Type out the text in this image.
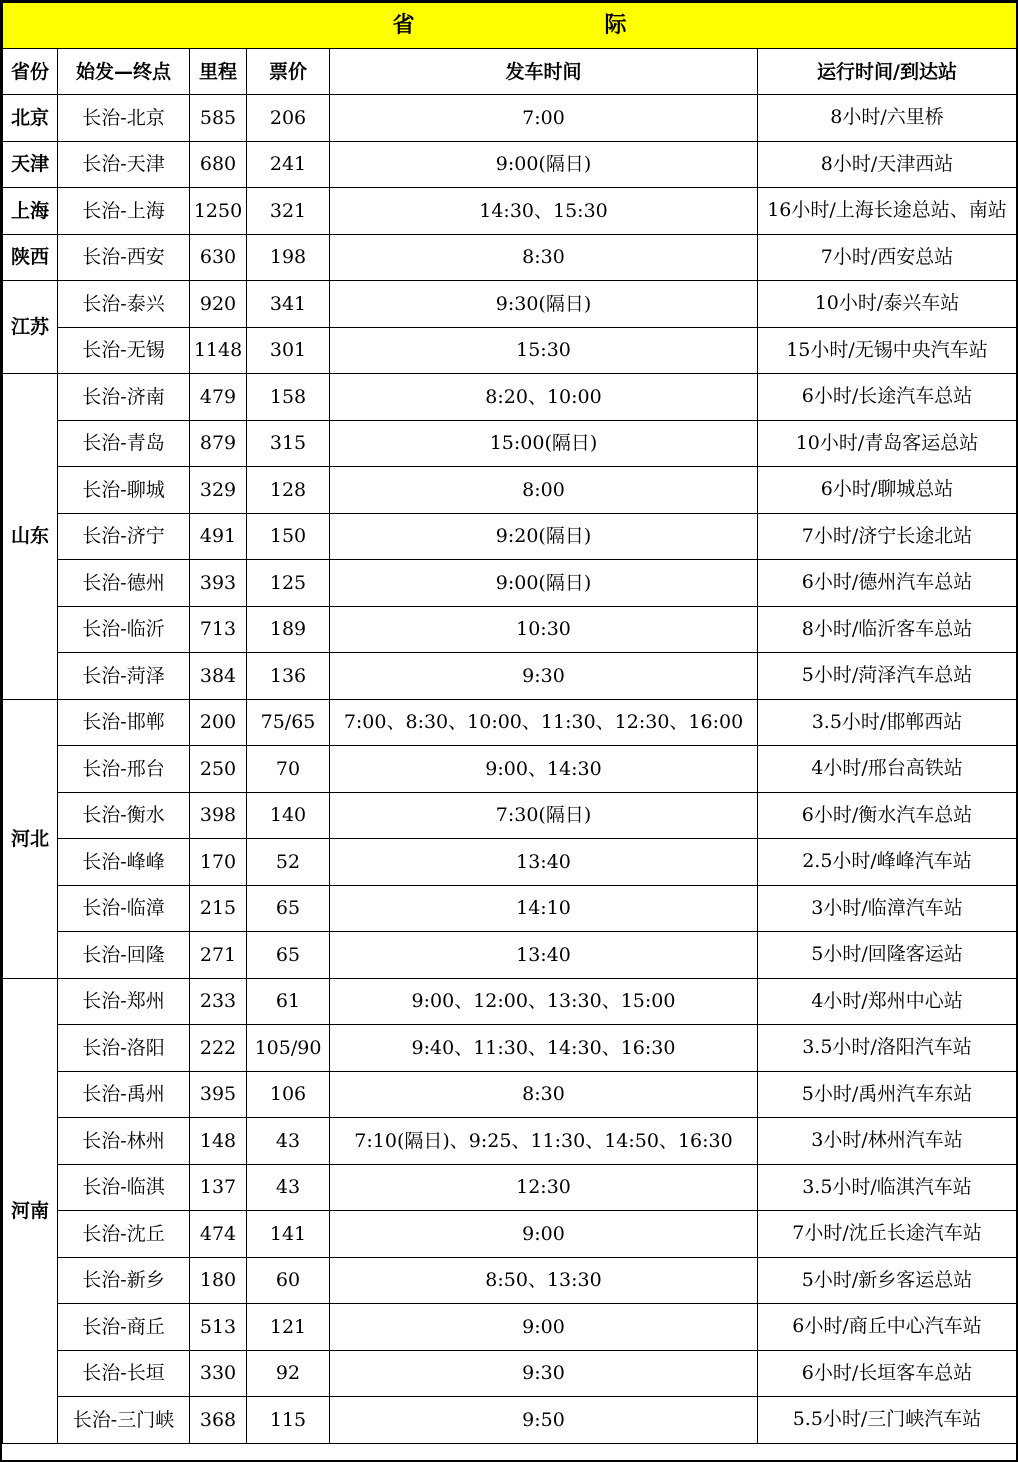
省 际					

省份	始发—终点	里程	票价	发车时间	运行时间/到达站
北京	长治-北京	585	206	7:00	8小时/六里桥
天津	长治-天津	680	241	9:00(隔日)	8小时/天津西站
上海	长治-上海	1250	321	14:30、15:30	16小时/上海长途总站、南站
陕西	长治-西安	630	198	8:30	7小时/西安总站
江苏	长治-泰兴	920	341	9:30(隔日)	10小时/泰兴车站
	长治-无锡	1148	301	15:30	15小时/无锡中央汽车站
山东	长治-济南	479	158	8:20、10:00	6小时/长途汽车总站
	长治-青岛	879	315	15:00(隔日)	10小时/青岛客运总站
	长治-聊城	329	128	8:00	6小时/聊城总站
	长治-济宁	491	150	9:20(隔日)	7小时/济宁长途北站
	长治-德州	393	125	9:00(隔日)	6小时/德州汽车总站
	长治-临沂	713	189	10:30	8小时/临沂客车总站
	长治-菏泽	384	136	9:30	5小时/菏泽汽车总站
河北	长治-邯郸	200	75/65	7:00、8:30、10:00、11:30、12:30、16:00	3.5小时/邯郸西站
	长治-邢台	250	70	9:00、14:30	4小时/邢台高铁站
	长治-衡水	398	140	7:30(隔日)	6小时/衡水汽车总站
	长治-峰峰	170	52	13:40	2.5小时/峰峰汽车站
	长治-临漳	215	65	14:10	3小时/临漳汽车站
	长治-回隆	271	65	13:40	5小时/回隆客运站
河南	长治-郑州	233	61	9:00、12:00、13:30、15:00	4小时/郑州中心站
	长治-洛阳	222	105/90	9:40、11:30、14:30、16:30	3.5小时/洛阳汽车站
	长治-禹州	395	106	8:30	5小时/禹州汽车东站
	长治-林州	148	43	7:10(隔日)、9:25、11:30、14:50、16:30	3小时/林州汽车站
	长治-临淇	137	43	12:30	3.5小时/临淇汽车站
	长治-沈丘	474	141	9:00	7小时/沈丘长途汽车站
	长治-新乡	180	60	8:50、13:30	5小时/新乡客运总站
	长治-商丘	513	121	9:00	6小时/商丘中心汽车站
	长治-长垣	330	92	9:30	6小时/长垣客车总站
	长治-三门峡	368	115	9:50	5.5小时/三门峡汽车站
